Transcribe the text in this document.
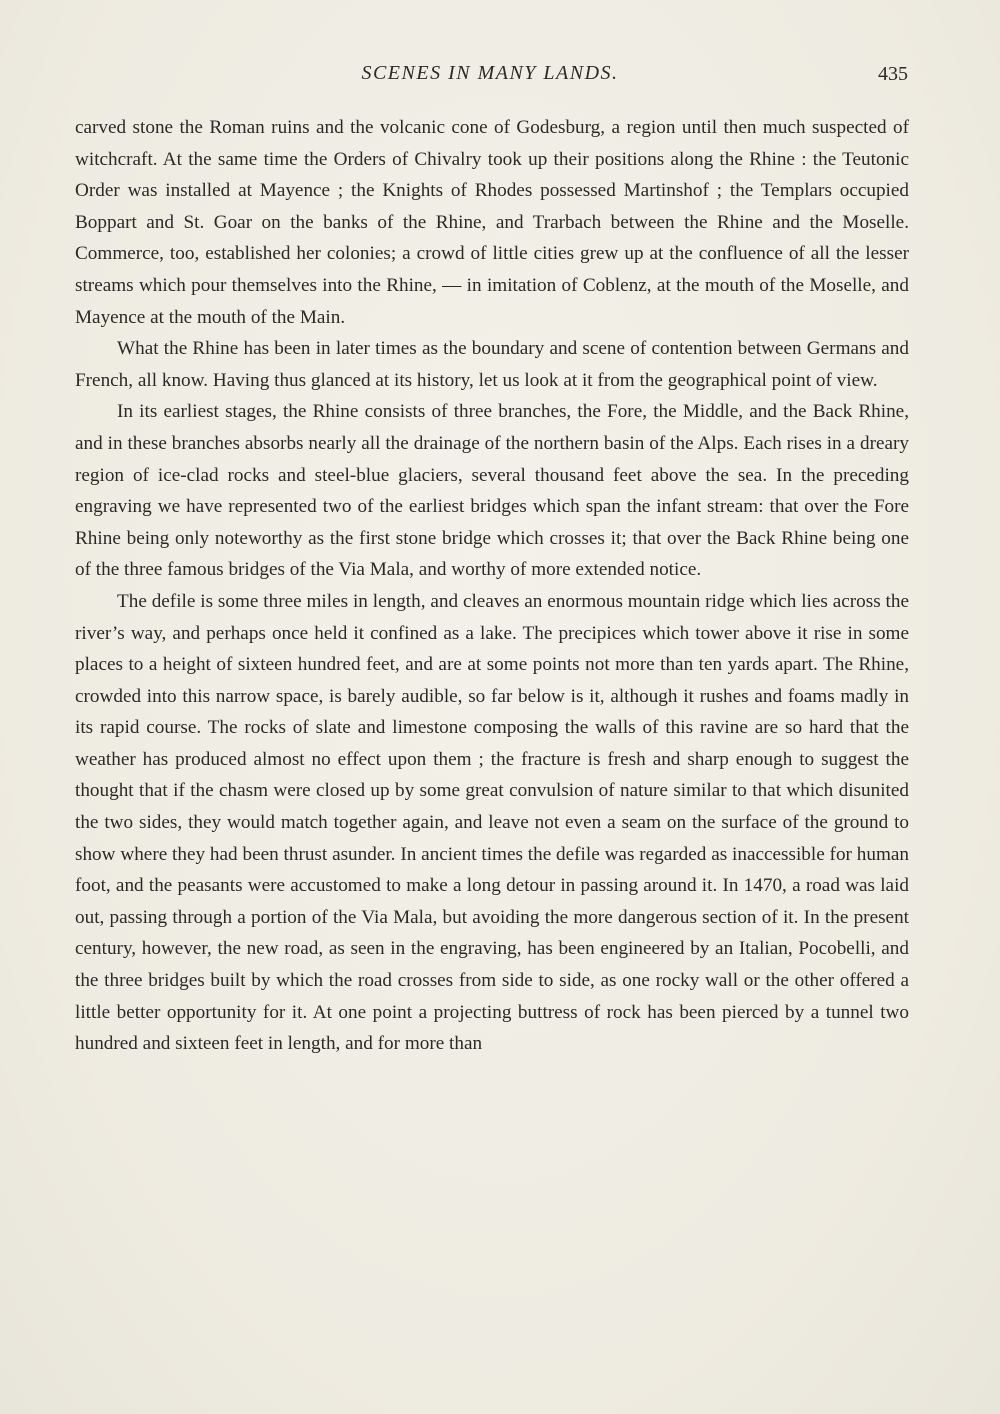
SCENES IN MANY LANDS.	435

carved stone the Roman ruins and the volcanic cone of Godesburg, a region until then much suspected of witchcraft. At the same time the Orders of Chivalry took up their positions along the Rhine : the Teutonic Order was installed at Mayence ; the Knights of Rhodes possessed Martinshof ; the Templars occupied Boppart and St. Goar on the banks of the Rhine, and Trarbach between the Rhine and the Moselle. Commerce, too, established her colonies; a crowd of little cities grew up at the confluence of all the lesser streams which pour themselves into the Rhine, — in imitation of Coblenz, at the mouth of the Moselle, and Mayence at the mouth of the Main.

What the Rhine has been in later times as the boundary and scene of contention between Germans and French, all know. Having thus glanced at its history, let us look at it from the geographical point of view.

In its earliest stages, the Rhine consists of three branches, the Fore, the Middle, and the Back Rhine, and in these branches absorbs nearly all the drainage of the northern basin of the Alps. Each rises in a dreary region of ice-clad rocks and steel-blue glaciers, several thousand feet above the sea. In the preceding engraving we have represented two of the earliest bridges which span the infant stream: that over the Fore Rhine being only noteworthy as the first stone bridge which crosses it; that over the Back Rhine being one of the three famous bridges of the Via Mala, and worthy of more extended notice.

The defile is some three miles in length, and cleaves an enormous mountain ridge which lies across the river’s way, and perhaps once held it confined as a lake. The precipices which tower above it rise in some places to a height of sixteen hundred feet, and are at some points not more than ten yards apart. The Rhine, crowded into this narrow space, is barely audible, so far below is it, although it rushes and foams madly in its rapid course. The rocks of slate and limestone composing the walls of this ravine are so hard that the weather has produced almost no effect upon them ; the fracture is fresh and sharp enough to suggest the thought that if the chasm were closed up by some great convulsion of nature similar to that which disunited the two sides, they would match together again, and leave not even a seam on the surface of the ground to show where they had been thrust asunder. In ancient times the defile was regarded as inaccessible for human foot, and the peasants were accustomed to make a long detour in passing around it. In 1470, a road was laid out, passing through a portion of the Via Mala, but avoiding the more dangerous section of it. In the present century, however, the new road, as seen in the engraving, has been engineered by an Italian, Pocobelli, and the three bridges built by which the road crosses from side to side, as one rocky wall or the other offered a little better opportunity for it. At one point a projecting buttress of rock has been pierced by a tunnel two hundred and sixteen feet in length, and for more than
